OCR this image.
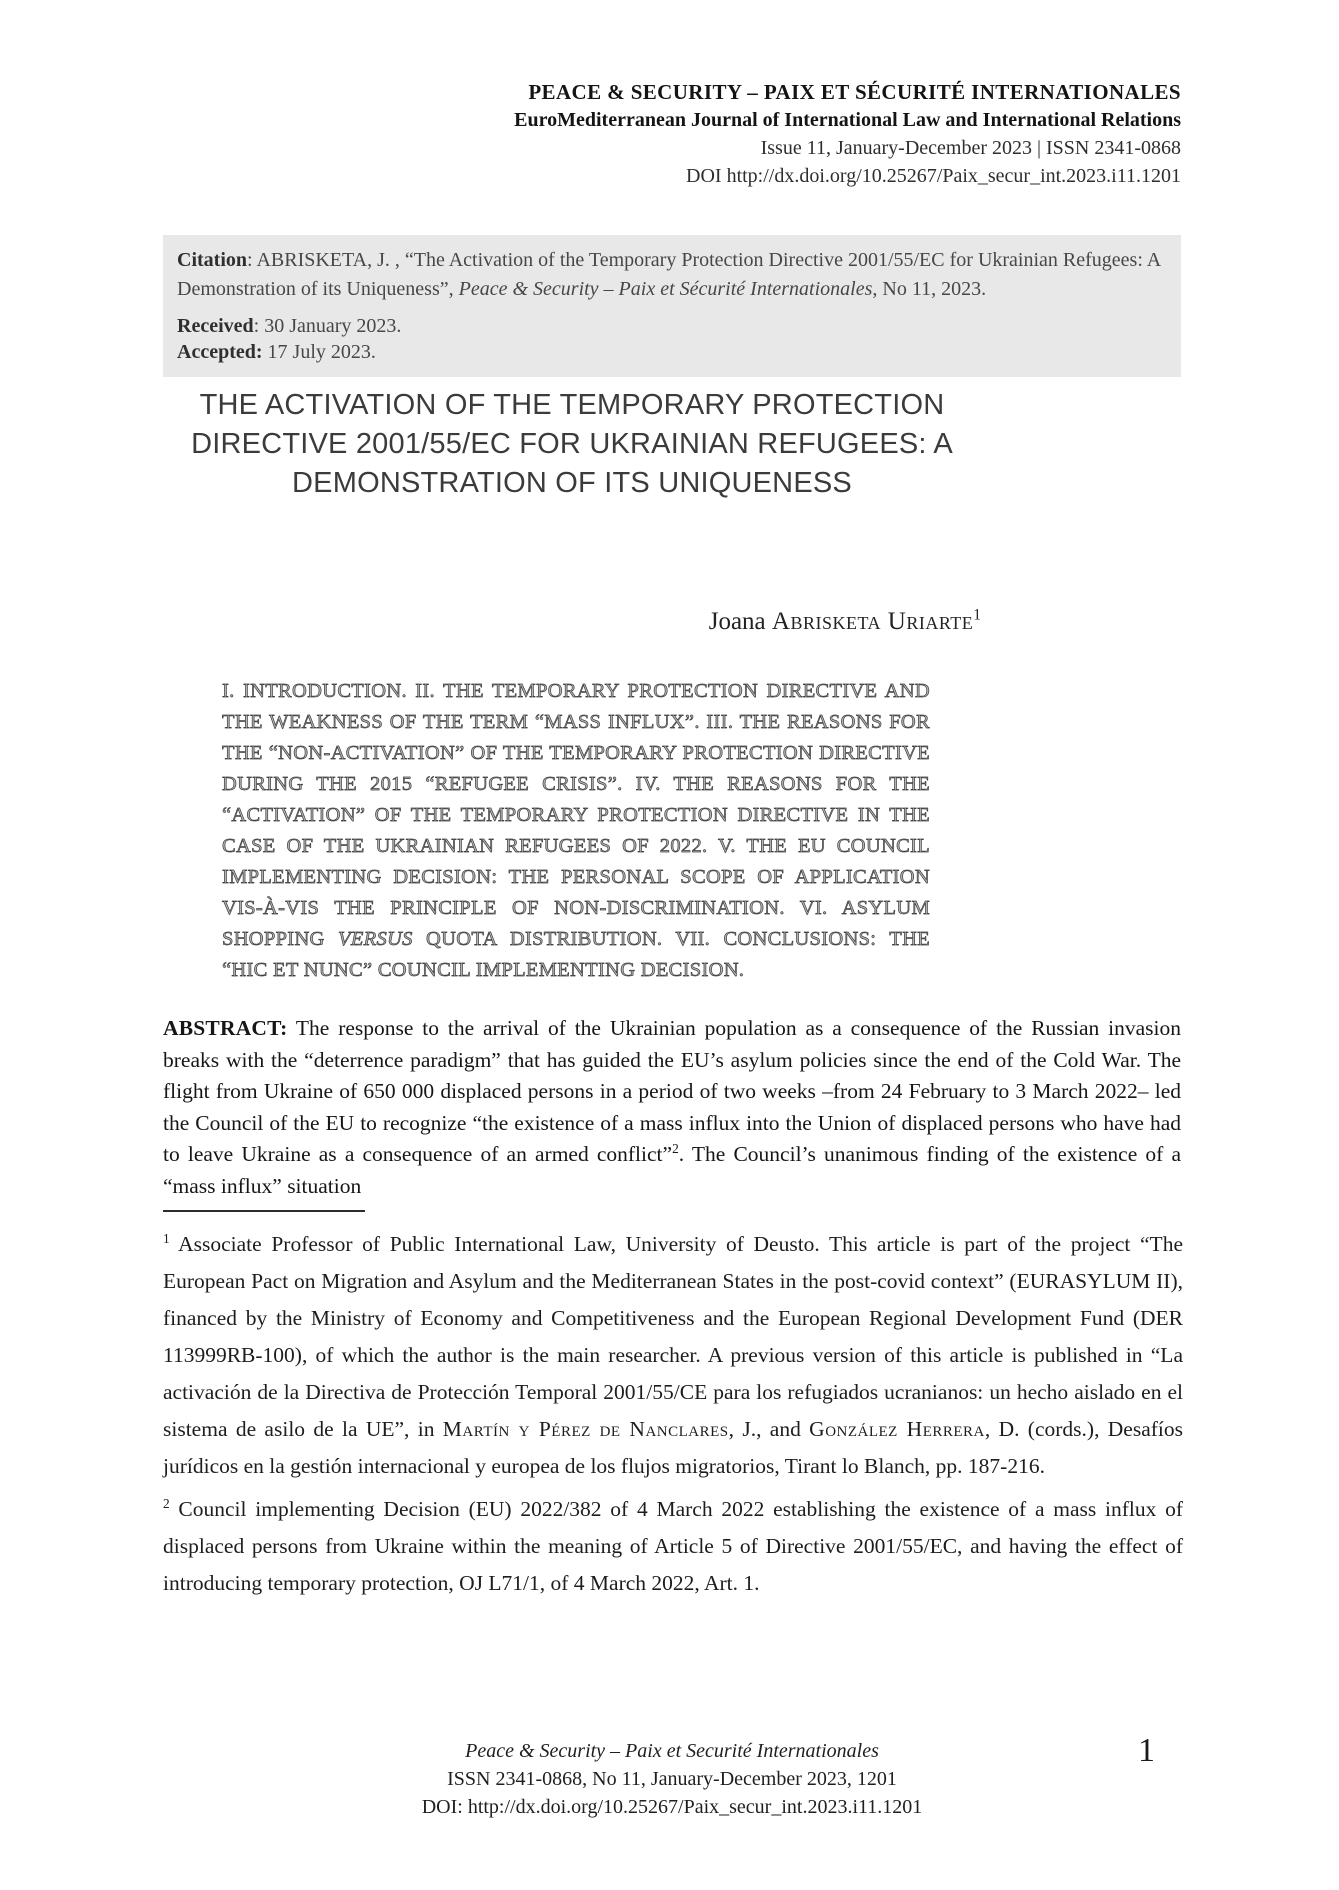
PEACE & SECURITY – PAIX ET SÉCURITÉ INTERNATIONALES
EuroMediterranean Journal of International Law and International Relations
Issue 11, January-December 2023 | ISSN 2341-0868
DOI http://dx.doi.org/10.25267/Paix_secur_int.2023.i11.1201

Citation: ABRISKETA, J. , “The Activation of the Temporary Protection Directive 2001/55/EC for Ukrainian Refugees: A Demonstration of its Uniqueness”, Peace & Security – Paix et Sécurité Internationales, No 11, 2023.

Received: 30 January 2023.

Accepted: 17 July 2023.

THE ACTIVATION OF THE TEMPORARY PROTECTION DIRECTIVE 2001/55/EC FOR UKRAINIAN REFUGEES: A DEMONSTRATION OF ITS UNIQUENESS
Joana Abrisketa Uriarte$^1$
I. INTRODUCTION. II. THE TEMPORARY PROTECTION DIRECTIVE AND THE WEAKNESS OF THE TERM “MASS INFLUX”. III. THE REASONS FOR THE “NON-ACTIVATION” OF THE TEMPORARY PROTECTION DIRECTIVE DURING THE 2015 “REFUGEE CRISIS”. IV. THE REASONS FOR THE “ACTIVATION” OF THE TEMPORARY PROTECTION DIRECTIVE IN THE CASE OF THE UKRAINIAN REFUGEES OF 2022. V. THE EU COUNCIL IMPLEMENTING DECISION: THE PERSONAL SCOPE OF APPLICATION VIS-À-VIS THE PRINCIPLE OF NON-DISCRIMINATION. VI. ASYLUM SHOPPING VERSUS QUOTA DISTRIBUTION. VII. CONCLUSIONS: THE “HIC ET NUNC” COUNCIL IMPLEMENTING DECISION.
ABSTRACT: The response to the arrival of the Ukrainian population as a consequence of the Russian invasion breaks with the “deterrence paradigm” that has guided the EU’s asylum policies since the end of the Cold War. The flight from Ukraine of 650 000 displaced persons in a period of two weeks –from 24 February to 3 March 2022– led the Council of the EU to recognize “the existence of a mass influx into the Union of displaced persons who have had to leave Ukraine as a consequence of an armed conflict”$^2$. The Council’s unanimous finding of the existence of a “mass influx” situation

$^1$ Associate Professor of Public International Law, University of Deusto. This article is part of the project “The European Pact on Migration and Asylum and the Mediterranean States in the post-covid context” (EURASYLUM II), financed by the Ministry of Economy and Competitiveness and the European Regional Development Fund (DER 113999RB-100), of which the author is the main researcher. A previous version of this article is published in “La activación de la Directiva de Protección Temporal 2001/55/CE para los refugiados ucranianos: un hecho aislado en el sistema de asilo de la UE”, in Martín y Pérez de Nanclares, J., and González Herrera, D. (cords.), Desafíos jurídicos en la gestión internacional y europea de los flujos migratorios, Tirant lo Blanch, pp. 187-216.

$^2$ Council implementing Decision (EU) 2022/382 of 4 March 2022 establishing the existence of a mass influx of displaced persons from Ukraine within the meaning of Article 5 of Directive 2001/55/EC, and having the effect of introducing temporary protection, OJ L71/1, of 4 March 2022, Art. 1.

Peace & Security – Paix et Securité Internationales
ISSN 2341-0868, No 11, January-December 2023, 1201
DOI: http://dx.doi.org/10.25267/Paix_secur_int.2023.i11.1201
1
